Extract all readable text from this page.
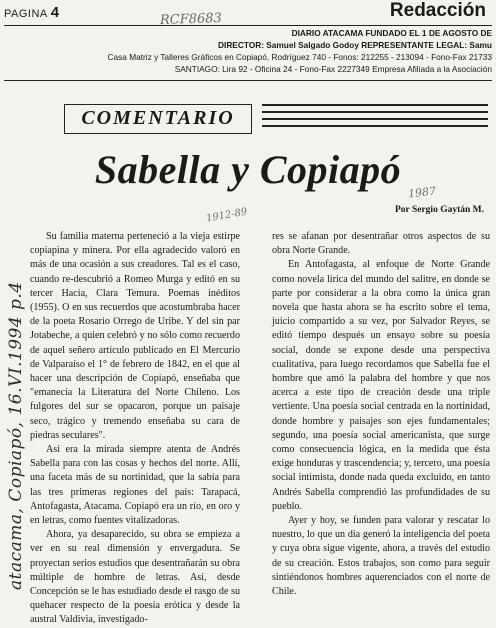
PAGINA 4	RCF8683	Redacción
DIARIO ATACAMA FUNDADO EL 1 DE AGOSTO DE
DIRECTOR: Samuel Salgado Godoy REPRESENTANTE LEGAL: Samu
Casa Matriz y Talleres Gráficos en Copiapó, Rodríguez 740 - Fonos: 212255 - 213094 - Fono-Fax 21733
SANTIAGO: Lira 92 - Oficina 24 - Fono-Fax 2227349 Empresa Afiliada a la Asociación
COMENTARIO
Sabella y Copiapó
1987
1912-89	Por Sergio Gaytán M.
atacama, Copiapó, 16.VI.1994 p.4

Su familia materna perteneció a la vieja estirpe copiapina y minera. Por ella agradecido valoró en más de una ocasión a sus creadores. Tal es el caso, cuando re-descubrió a Romeo Murga y editó en su tercer Hacia, Clara Temura. Poemas inéditos (1955). O en sus recuerdos que acostumbraba hacer de la poeta Rosario Orrego de Uribe. Y del sin par Jotabeche, a quien celebró y no sólo como recuerdo de aquel señero artículo publicado en El Mercurio de Valparaíso el 1° de febrero de 1842, en el que al hacer una descripción de Copiapó, enseñaba que "emanecía la Literatura del Norte Chileno. Los fulgores del sur se opacaron, porque un paisaje seco, trágico y tremendo enseñaba su cara de piedras seculares".

Así era la mirada siempre atenta de Andrés Sabella para con las cosas y hechos del norte. Allí, una faceta más de su nortinidad, que la sabía para las tres primeras regiones del país: Tarapacá, Antofagasta, Atacama. Copiapó era un río, en oro y en letras, como fuentes vitalizadoras.

Ahora, ya desaparecido, su obra se empieza a ver en su real dimensión y envergadura. Se proyectan serios estudios que desentrañarán su obra múltiple de hombre de letras. Así, desde Concepción se le has estudiado desde el rasgo de su quehacer respecto de la poesía erótica y desde la austral Valdivia, investigado-

res se afanan por desentrañar otros aspectos de su obra Norte Grande.

En Antofagasta, al enfoque de Norte Grande como novela lírica del mundo del salitre, en donde se parte por considerar a la obra como la única gran novela que hasta ahora se ha escrito sobre el tema, juicio compartido a su vez, por Salvador Reyes, se editó tiempo después un ensayo sobre su poesía social, donde se expone desde una perspectiva cualitativa, para luego recordamos que Sabella fue el hombre que amó la palabra del hombre y que nos acerca a este tipo de creación desde una triple vertiente. Una poesía social centrada en la nortinidad, donde hombre y paisajes son ejes fundamentales; segundo, una poesía social americanista, que surge como consecuencia lógica, en la medida que ésta exige honduras y trascendencia; y, tercero, una poesía social intimista, donde nada queda excluido, en tanto Andrés Sabella comprendió las profundidades de su pueblo.

Ayer y hoy, se funden para valorar y rescatar lo nuestro, lo que un día generó la inteligencia del poeta y cuya obra sigue vigente, ahora, a través del estudio de su creación. Estos trabajos, son como para seguir sintiéndonos hombres aquerenciados con el norte de Chile.
